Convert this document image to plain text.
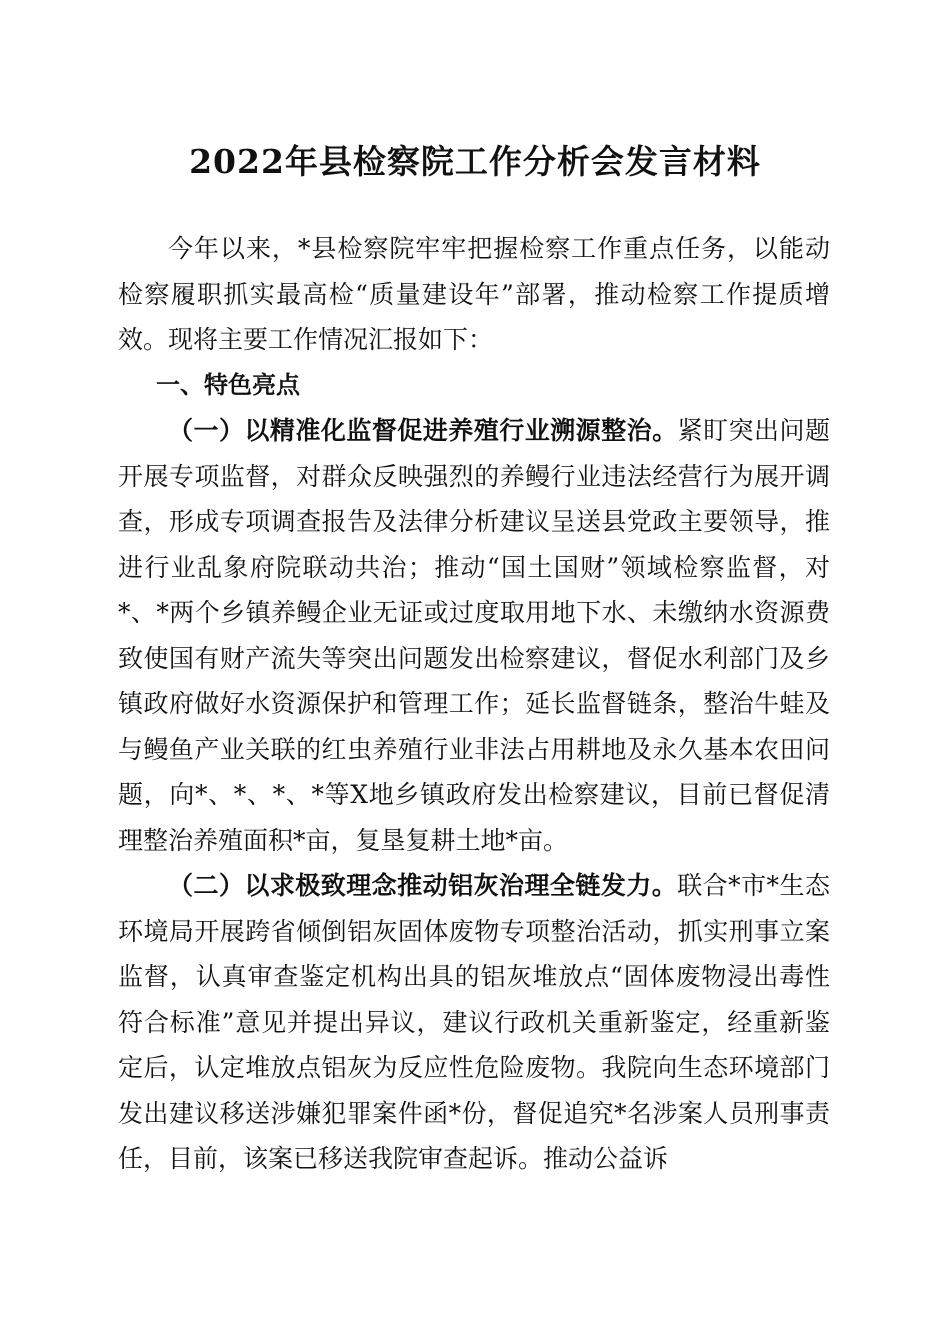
2022年县检察院工作分析会发言材料

今年以来，*县检察院牢牢把握检察工作重点任务，以能动检察履职抓实最高检“质量建设年”部署，推动检察工作提质增效。现将主要工作情况汇报如下：

一、特色亮点

（一）以精准化监督促进养殖行业溯源整治。紧盯突出问题开展专项监督，对群众反映强烈的养鳗行业违法经营行为展开调查，形成专项调查报告及法律分析建议呈送县党政主要领导，推进行业乱象府院联动共治；推动“国土国财”领域检察监督，对*、*两个乡镇养鳗企业无证或过度取用地下水、未缴纳水资源费致使国有财产流失等突出问题发出检察建议，督促水利部门及乡镇政府做好水资源保护和管理工作；延长监督链条，整治牛蛙及与鳗鱼产业关联的红虫养殖行业非法占用耕地及永久基本农田问题，向*、*、*、*等X地乡镇政府发出检察建议，目前已督促清理整治养殖面积*亩，复垦复耕土地*亩。

（二）以求极致理念推动铝灰治理全链发力。联合*市*生态环境局开展跨省倾倒铝灰固体废物专项整治活动，抓实刑事立案监督，认真审查鉴定机构出具的铝灰堆放点“固体废物浸出毒性符合标准”意见并提出异议，建议行政机关重新鉴定，经重新鉴定后，认定堆放点铝灰为反应性危险废物。我院向生态环境部门发出建议移送涉嫌犯罪案件函*份，督促追究*名涉案人员刑事责任，目前，该案已移送我院审查起诉。推动公益诉
